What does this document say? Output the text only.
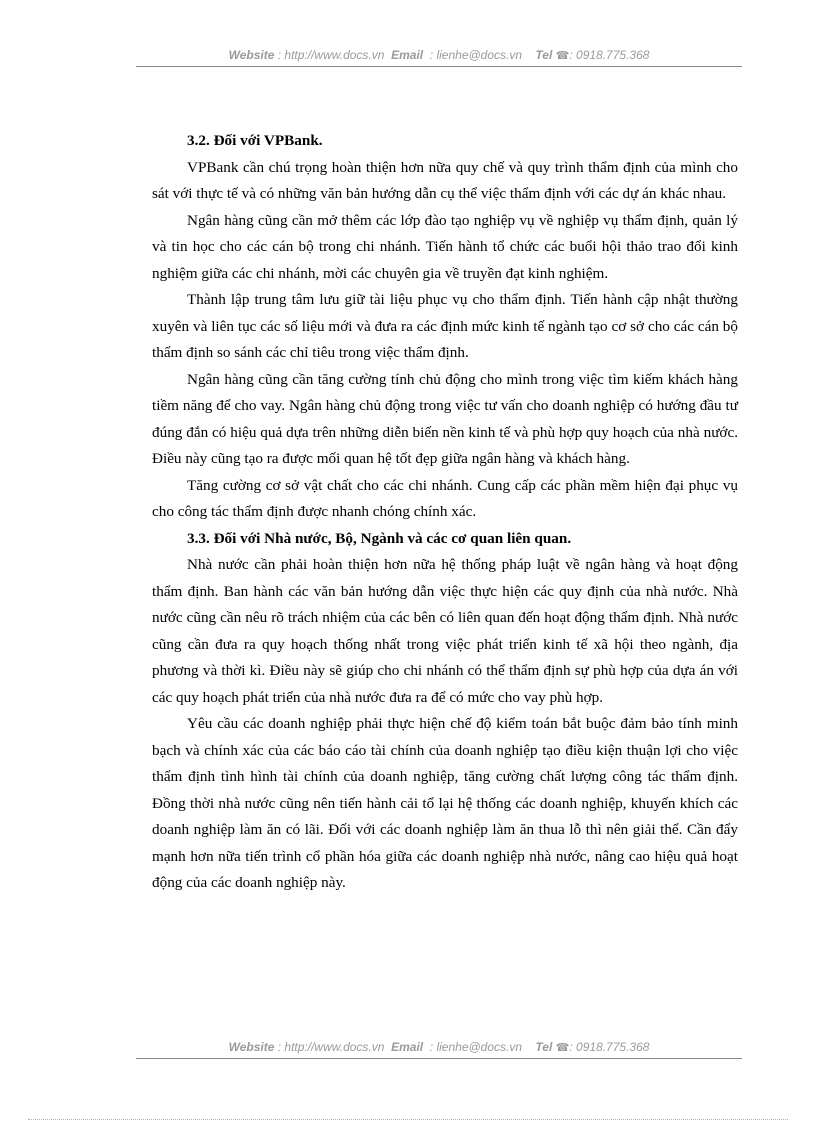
Website : http://www.docs.vn Email  : lienhe@docs.vn Tel ☎: 0918.775.368
3.2. Đối với VPBank.

VPBank cần chú trọng hoàn thiện hơn nữa quy chế và quy trình thẩm định của mình cho sát với thực tế và có những văn bản hướng dẫn cụ thể việc thẩm định với các dự án khác nhau.

Ngân hàng cũng cần mở thêm các lớp đào tạo nghiệp vụ về nghiệp vụ thẩm định, quản lý và tin học cho các cán bộ trong chi nhánh. Tiến hành tổ chức các buổi hội thảo trao đổi kinh nghiệm giữa các chi nhánh, mời các chuyên gia về truyền đạt kinh nghiệm.

Thành lập trung tâm lưu giữ tài liệu phục vụ cho thẩm định. Tiến hành cập nhật thường xuyên và liên tục các số liệu mới và đưa ra các định mức kinh tế ngành tạo cơ sở cho các cán bộ thẩm định so sánh các chỉ tiêu trong việc thẩm định.

Ngân hàng cũng cần tăng cường tính chủ động cho mình trong việc tìm kiếm khách hàng tiềm năng để cho vay. Ngân hàng chủ động trong việc tư vấn cho doanh nghiệp có hướng đầu tư đúng đắn có hiệu quả dựa trên những diễn biến nền kinh tế và phù hợp quy hoạch của nhà nước. Điều này cũng tạo ra được mối quan hệ tốt đẹp giữa ngân hàng và khách hàng.

Tăng cường cơ sở vật chất cho các chi nhánh. Cung cấp các phần mềm hiện đại phục vụ cho công tác thẩm định được nhanh chóng chính xác.

3.3. Đối với Nhà nước, Bộ, Ngành và các cơ quan liên quan.

Nhà nước cần phải hoàn thiện hơn nữa hệ thống pháp luật về ngân hàng và hoạt động thẩm định. Ban hành các văn bản hướng dẫn việc thực hiện các quy định của nhà nước. Nhà nước cũng cần nêu rõ trách nhiệm của các bên có liên quan đến hoạt động thẩm định. Nhà nước cũng cần đưa ra quy hoạch thống nhất trong việc phát triển kinh tế xã hội theo ngành, địa phương và thời kì. Điều này sẽ giúp cho chi nhánh có thể thẩm định sự phù hợp của dựa án với các quy hoạch phát triển của nhà nước đưa ra để có mức cho vay phù hợp.

Yêu cầu các doanh nghiệp phải thực hiện chế độ kiểm toán bắt buộc đảm bảo tính minh bạch và chính xác của các báo cáo tài chính của doanh nghiệp tạo điều kiện thuận lợi cho việc thẩm định tình hình tài chính của doanh nghiệp, tăng cường chất lượng công tác thẩm định. Đồng thời nhà nước cũng nên tiến hành cải tổ lại hệ thống các doanh nghiệp, khuyến khích các doanh nghiệp làm ăn có lãi. Đối với các doanh nghiệp làm ăn thua lỗ thì nên giải thể. Cần đẩy mạnh hơn nữa tiến trình cổ phần hóa giữa các doanh nghiệp nhà nước, nâng cao hiệu quả hoạt động của các doanh nghiệp này.

Website : http://www.docs.vn Email  : lienhe@docs.vn Tel ☎: 0918.775.368
